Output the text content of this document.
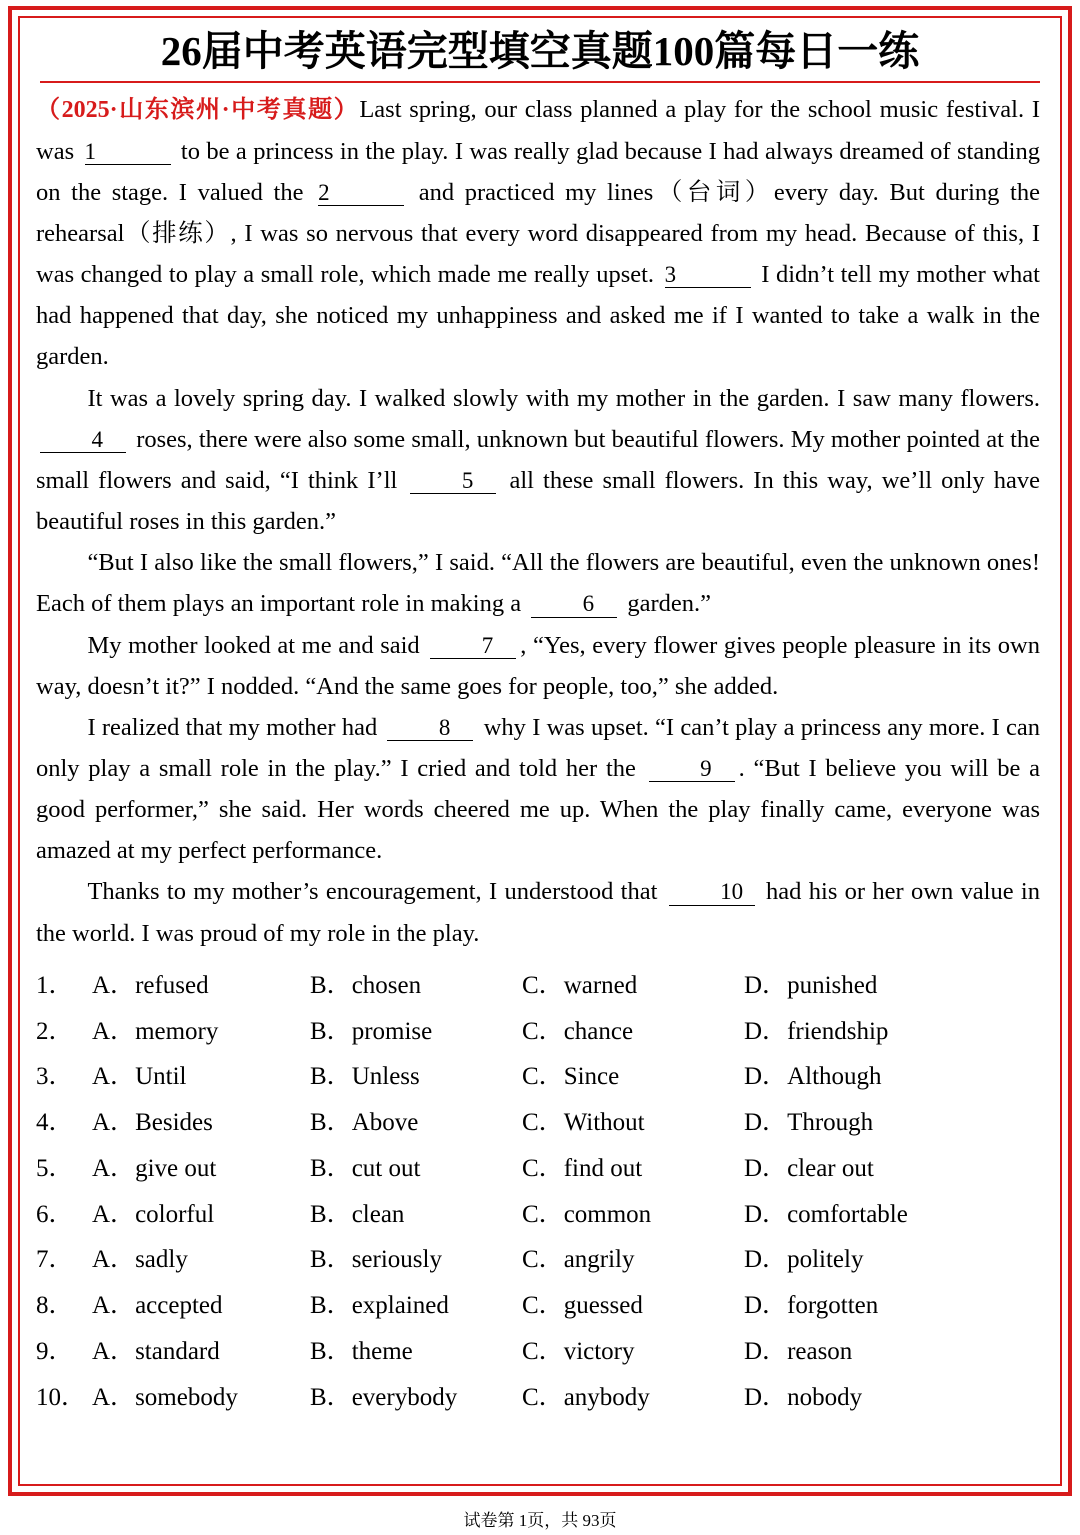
26届中考英语完型填空真题100篇每日一练

（2025·山东滨州·中考真题）Last spring, our class planned a play for the school music festival. I was 1	to be a princess in the play. I was really glad because I had always dreamed of standing on the stage. I valued the 2	and practiced my lines（台词）every day. But during the rehearsal（排练）, I was so nervous that every word disappeared from my head. Because of this, I was changed to play a small role, which made me really upset. 3	I didn’t tell my mother what had happened that day, she noticed my unhappiness and asked me if I wanted to take a walk in the garden.

It was a lovely spring day. I walked slowly with my mother in the garden. I saw many flowers. 4 roses, there were also some small, unknown but beautiful flowers. My mother pointed at the small flowers and said, “I think I’ll 5 all these small flowers. In this way, we’ll only have beautiful roses in this garden.”

“But I also like the small flowers,” I said. “All the flowers are beautiful, even the unknown ones! Each of them plays an important role in making a 6 garden.”

My mother looked at me and said 7 , “Yes, every flower gives people pleasure in its own way, doesn’t it?” I nodded. “And the same goes for people, too,” she added.

I realized that my mother had 8 why I was upset. “I can’t play a princess any more. I can only play a small role in the play.” I cried and told her the 9 . “But I believe you will be a good performer,” she said. Her words cheered me up. When the play finally came, everyone was amazed at my perfect performance.

Thanks to my mother’s encouragement, I understood that 10 had his or her own value in the world. I was proud of my role in the play.

1． A．refused	B．chosen	C．warned	D．punished
2． A．memory	B．promise	C．chance	D．friendship
3． A．Until	B．Unless	C．Since	D．Although
4． A．Besides	B．Above	C．Without	D．Through
5． A．give out	B．cut out	C．find out	D．clear out
6． A．colorful	B．clean	C．common	D．comfortable
7． A．sadly	B．seriously	C．angrily	D．politely
8． A．accepted	B．explained	C．guessed	D．forgotten
9． A．standard	B．theme	C．victory	D．reason
10． A．somebody	B．everybody	C．anybody	D．nobody
试卷第 1页，共 93页
